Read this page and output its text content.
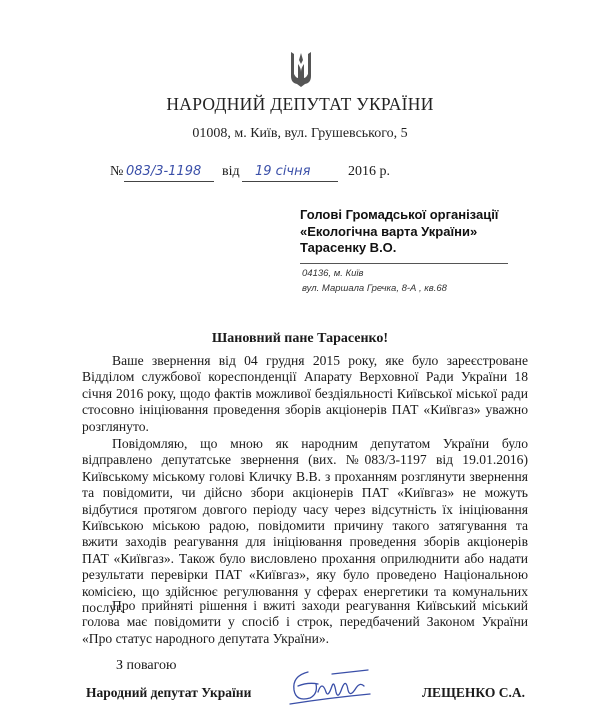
НАРОДНИЙ ДЕПУТАТ УКРАЇНИ
01008, м. Київ, вул. Грушевського, 5
№ 083/3-1198 від 19 січня	2016 р.
Голові Громадської організації
«Екологічна варта України»
Тарасенку В.О.
04136, м. Київ
вул. Маршала Гречка, 8-А , кв.68
Шановний пане Тарасенко!

Ваше звернення від 04 грудня 2015 року, яке було зареєстроване Відділом службової кореспонденції Апарату Верховної Ради України 18 січня 2016 року, щодо фактів можливої бездіяльності Київської міської ради стосовно ініціювання проведення зборів акціонерів ПАТ «Київгаз» уважно розглянуто.

Повідомляю, що мною як народним депутатом України було відправлено депутатське звернення (вих. №083/3-1197 від 19.01.2016) Київському міському голові Кличку В.В. з проханням розглянути звернення та повідомити, чи дійсно збори акціонерів ПАТ «Київгаз» не можуть відбутися протягом довгого періоду часу через відсутність їх ініціювання Київською міською радою, повідомити причину такого затягування та вжити заходів реагування для ініціювання проведення зборів акціонерів ПАТ «Київгаз». Також було висловлено прохання оприлюднити або надати результати перевірки ПАТ «Київгаз», яку було проведено Національною комісією, що здійснює регулювання у сферах енергетики та комунальних послуг.

Про прийняті рішення і вжиті заходи реагування Київський міський голова має повідомити у спосіб і строк, передбачений Законом України «Про статус народного депутата України».

З повагою
Народний депутат України	ЛЕЩЕНКО С.А.
